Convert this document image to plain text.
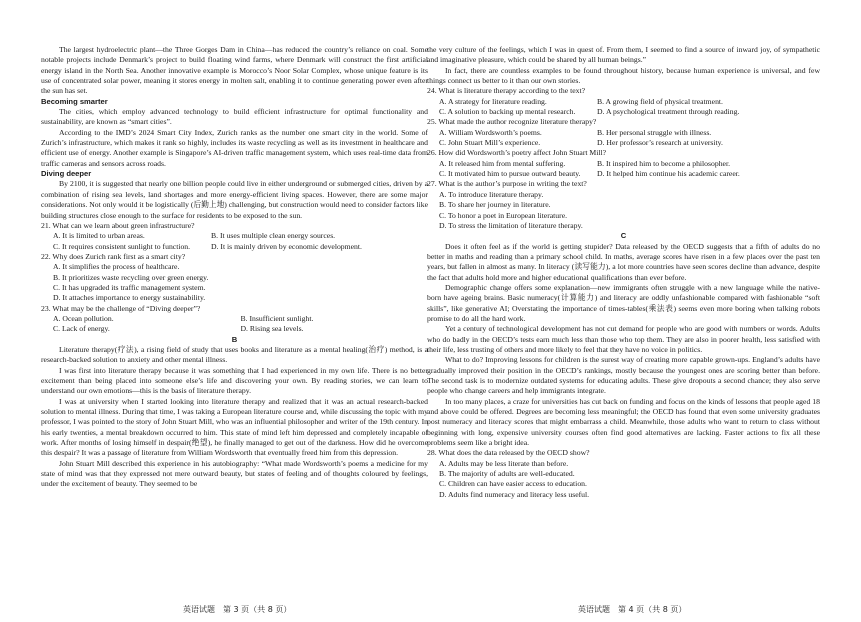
The largest hydroelectric plant—the Three Gorges Dam in China—has reduced the country’s reliance on coal. Some notable projects include Denmark’s project to build floating wind farms, where Denmark will construct the first artificial energy island in the North Sea. Another innovative example is Morocco’s Noor Solar Complex, whose unique feature is its use of concentrated solar power, meaning it stores energy in molten salt, enabling it to continue generating power even after the sun has set.

Becoming smarter

The cities, which employ advanced technology to build efficient infrastructure for optimal functionality and sustainability, are known as “smart cities”.

According to the IMD’s 2024 Smart City Index, Zurich ranks as the number one smart city in the world. Some of Zurich’s infrastructure, which makes it rank so highly, includes its waste recycling as well as its investment in healthcare and efficient use of energy. Another example is Singapore’s AI-driven traffic management system, which uses real-time data from traffic cameras and sensors across roads.

Diving deeper

By 2100, it is suggested that nearly one billion people could live in either underground or submerged cities, driven by a combination of rising sea levels, land shortages and more energy-efficient living spaces. However, there are some major considerations. Not only would it be logistically (后勤上地) challenging, but construction would need to consider factors like building structures close enough to the surface for residents to be exposed to the sun.

21. What can we learn about green infrastructure?

A. It is limited to urban areas.	B. It uses multiple clean energy sources.

C. It requires consistent sunlight to function.	D. It is mainly driven by economic development.

22. Why does Zurich rank first as a smart city?

A. It simplifies the process of healthcare.

B. It prioritizes waste recycling over green energy.

C. It has upgraded its traffic management system.

D. It attaches importance to energy sustainability.

23. What may be the challenge of “Diving deeper”?

A. Ocean pollution.	B. Insufficient sunlight.

C. Lack of energy.	D. Rising sea levels.

B

Literature therapy(疗法), a rising field of study that uses books and literature as a mental healing(治疗) method, is a research-backed solution to anxiety and other mental illness.

I was first into literature therapy because it was something that I had experienced in my own life. There is no better excitement than being placed into someone else’s life and discovering your own. By reading stories, we can learn to understand our own emotions—this is the basis of literature therapy.

I was at university when I started looking into literature therapy and realized that it was an actual research-backed solution to mental illness. During that time, I was taking a European literature course and, while discussing the topic with my professor, I was pointed to the story of John Stuart Mill, who was an influential philosopher and writer of the 19th century. In his early twenties, a mental breakdown occurred to him. This state of mind left him depressed and completely incapable of work. After months of losing himself in despair(绝望), he finally managed to get out of the darkness. How did he overcome this despair? It was a passage of literature from William Wordsworth that eventually freed him from this depression.

John Stuart Mill described this experience in his autobiography: “What made Wordsworth’s poems a medicine for my state of mind was that they expressed not mere outward beauty, but states of feeling and of thoughts coloured by feelings, under the excitement of beauty. They seemed to be

the very culture of the feelings, which I was in quest of. From them, I seemed to find a source of inward joy, of sympathetic and imaginative pleasure, which could be shared by all human beings.”

In fact, there are countless examples to be found throughout history, because human experience is universal, and few things connect us better to it than our own stories.

24. What is literature therapy according to the text?

A. A strategy for literature reading.	B. A growing field of physical treatment.

C. A solution to backing up mental research.	D. A psychological treatment through reading.

25. What made the author recognize literature therapy?

A. William Wordsworth’s poems.	B. Her personal struggle with illness.

C. John Stuart Mill’s experience.	D. Her professor’s research at university.

26. How did Wordsworth’s poetry affect John Stuart Mill?

A. It released him from mental suffering.	B. It inspired him to become a philosopher.

C. It motivated him to pursue outward beauty.	D. It helped him continue his academic career.

27. What is the author’s purpose in writing the text?

A. To introduce literature therapy.

B. To share her journey in literature.

C. To honor a poet in European literature.

D. To stress the limitation of literature therapy.

C

Does it often feel as if the world is getting stupider? Data released by the OECD suggests that a fifth of adults do no better in maths and reading than a primary school child. In maths, average scores have risen in a few places over the past ten years, but fallen in almost as many. In literacy (读写能力), a lot more countries have seen scores decline than advance, despite the fact that adults hold more and higher educational qualifications than ever before.

Demographic change offers some explanation—new immigrants often struggle with a new language while the native-born have ageing brains. Basic numeracy(计算能力) and literacy are oddly unfashionable compared with fashionable “soft skills”, like generative AI; Overstating the importance of times-tables(乘法表) seems even more boring when talking robots promise to do all the hard work.

Yet a century of technological development has not cut demand for people who are good with numbers or words. Adults who do badly in the OECD’s tests earn much less than those who top them. They are also in poorer health, less satisfied with their life, less trusting of others and more likely to feel that they have no voice in politics.

What to do? Improving lessons for children is the surest way of creating more capable grown-ups. England’s adults have gradually improved their position in the OECD’s rankings, mostly because the youngest ones are scoring better than before. The second task is to modernize outdated systems for educating adults. These give dropouts a second chance; they also serve people who change careers and help immigrants integrate.

In too many places, a craze for universities has cut back on funding and focus on the kinds of lessons that people aged 18 and above could be offered. Degrees are becoming less meaningful; the OECD has found that even some university graduates post numeracy and literacy scores that might embarrass a child. Meanwhile, those adults who want to return to class without beginning with long, expensive university courses often find good alternatives are lacking. Faster actions to fix all these problems seem like a bright idea.

28. What does the data released by the OECD show?

A. Adults may be less literate than before.

B. The majority of adults are well-educated.

C. Children can have easier access to education.

D. Adults find numeracy and literacy less useful.

英语试题　第 3 页（共 8 页）	英语试题　第 4 页（共 8 页）
